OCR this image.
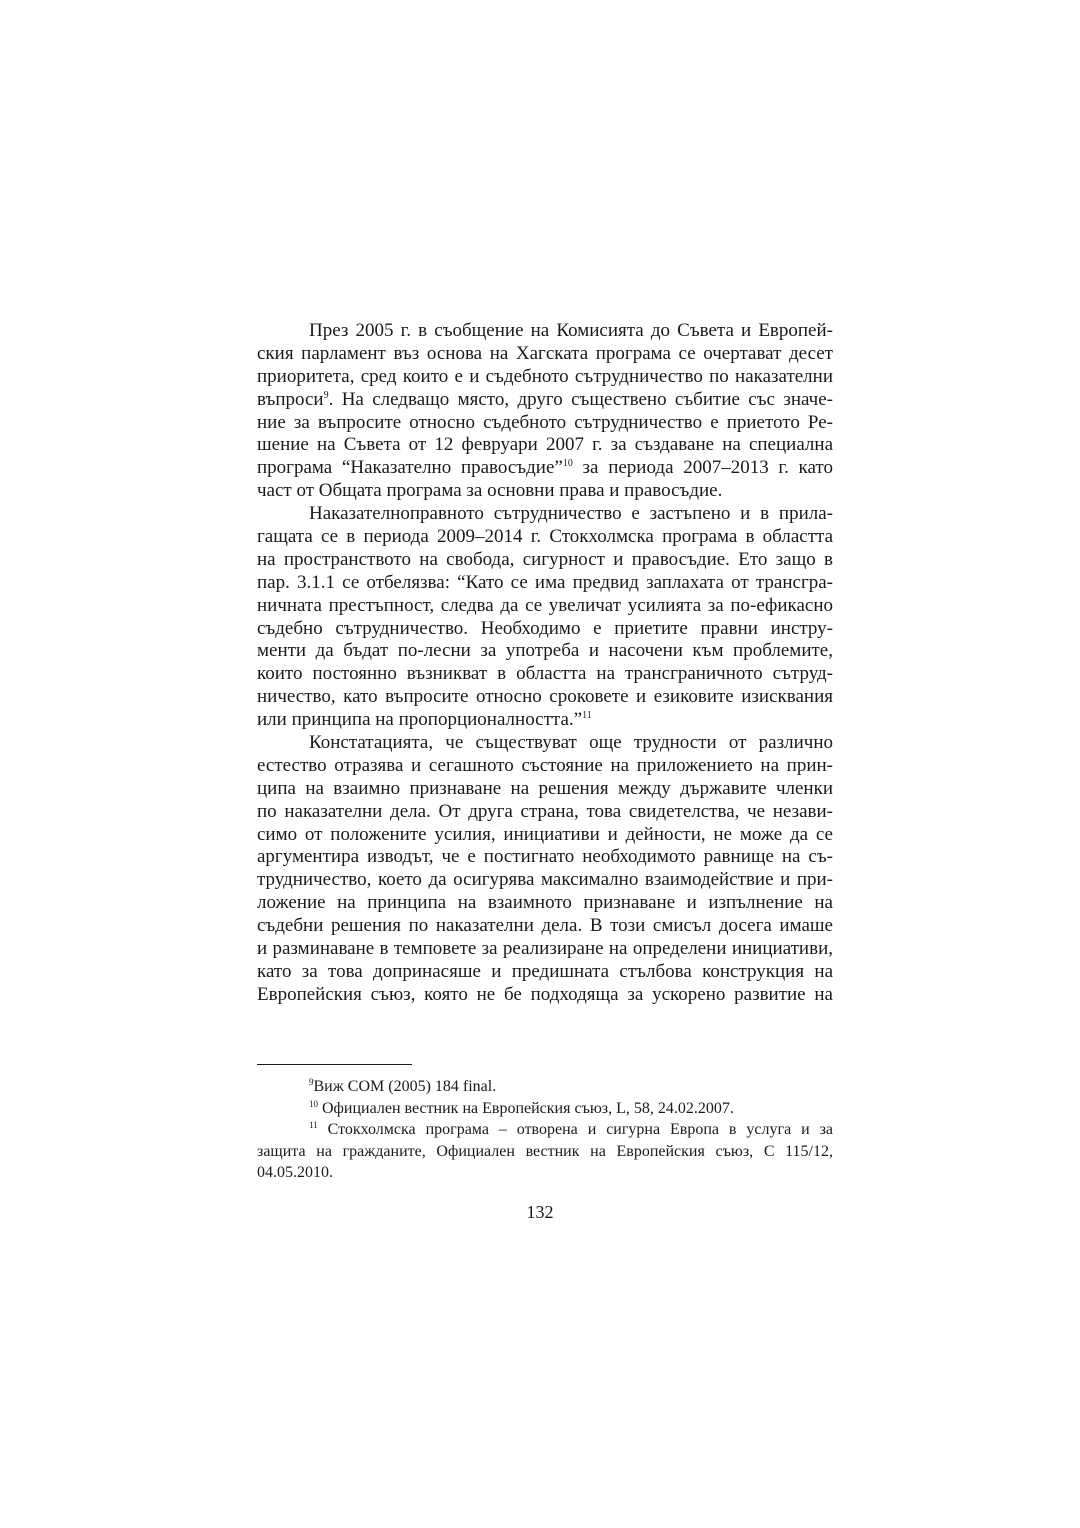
През 2005 г. в съобщение на Комисията до Съвета и Европей-
ския парламент въз основа на Хагската програма се очертават десет
приоритета, сред които е и съдебното сътрудничество по наказателни
въпроси$^9$. На следващо място, друго съществено събитие със значе-
ние за въпросите относно съдебното сътрудничество е приетото Ре-
шение на Съвета от 12 февруари 2007 г. за създаване на специална
програма “Наказателно правосъдие”$^{10}$ за периода 2007–2013 г. като
част от Общата програма за основни права и правосъдие.
Наказателноправното сътрудничество е застъпено и в прила-
гащата се в периода 2009–2014 г. Стокхолмска програма в областта
на пространството на свобода, сигурност и правосъдие. Ето защо в
пар. 3.1.1 се отбелязва: “Като се има предвид заплахата от трансгра-
ничната престъпност, следва да се увеличат усилията за по-ефикасно
съдебно сътрудничество. Необходимо е приетите правни инстру-
менти да бъдат по-лесни за употреба и насочени към проблемите,
които постоянно възникват в областта на трансграничното сътруд-
ничество, като въпросите относно сроковете и езиковите изисквания
или принципа на пропорционалността.”$^{11}$
Констатацията, че съществуват още трудности от различно
естество отразява и сегашното състояние на приложението на прин-
ципа на взаимно признаване на решения между държавите членки
по наказателни дела. От друга страна, това свидетелства, че незави-
симо от положените усилия, инициативи и дейности, не може да се
аргументира изводът, че е постигнато необходимото равнище на съ-
трудничество, което да осигурява максимално взаимодействие и при-
ложение на принципа на взаимното признаване и изпълнение на
съдебни решения по наказателни дела. В този смисъл досега имаше
и разминаване в темповете за реализиране на определени инициативи,
като за това допринасяше и предишната стълбова конструкция на
Европейския съюз, която не бе подходяща за ускорено развитие на
$^9$Виж COM (2005) 184 final.
$^{10}$ Официален вестник на Европейския съюз, L, 58, 24.02.2007.
$^{11}$ Стокхолмска програма – отворена и сигурна Европа в услуга и за
защита на гражданите, Официален вестник на Европейския съюз, С 115/12,
04.05.2010.
132
